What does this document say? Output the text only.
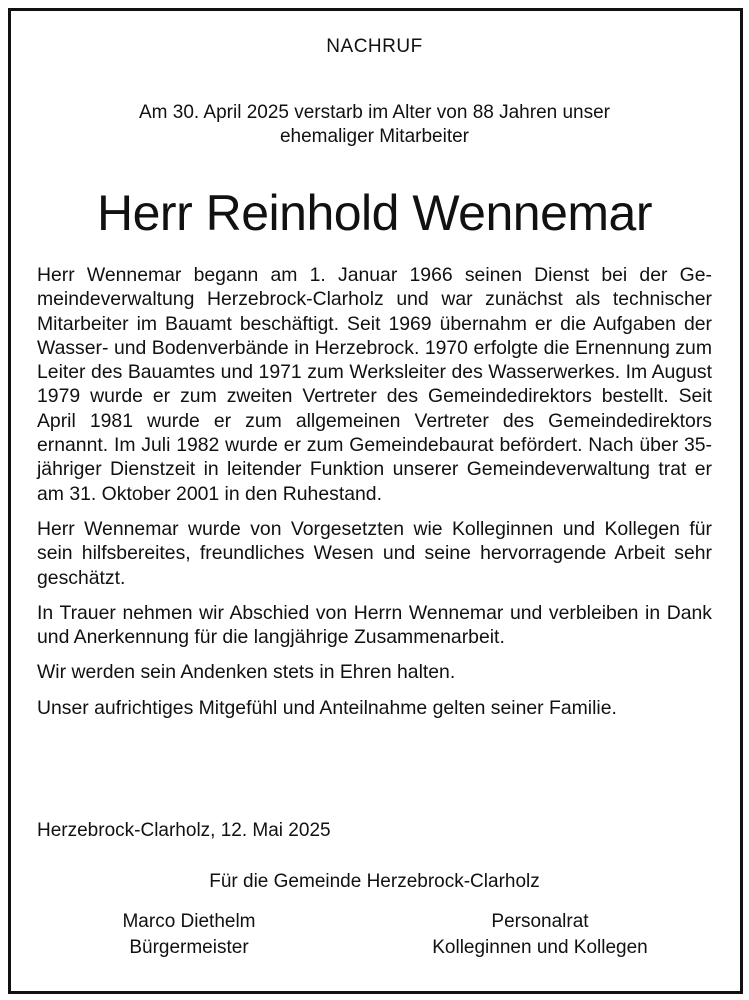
NACHRUF
Am 30. April 2025 verstarb im Alter von 88 Jahren unser
ehemaliger Mitarbeiter
Herr Reinhold Wennemar

Herr Wennemar begann am 1. Januar 1966 seinen Dienst bei der Gemeindeverwaltung Herzebrock-Clarholz und war zunächst als technischer Mitarbeiter im Bauamt beschäftigt. Seit 1969 übernahm er die Aufgaben der Wasser- und Bodenverbände in Herzebrock. 1970 erfolgte die Ernennung zum Leiter des Bauamtes und 1971 zum Werksleiter des Wasserwerkes. Im August 1979 wurde er zum zweiten Vertreter des Gemeindedirektors bestellt. Seit April 1981 wurde er zum allgemeinen Vertreter des Gemeindedirektors ernannt. Im Juli 1982 wurde er zum Gemeindebaurat befördert. Nach über 35-jähriger Dienstzeit in leitender Funktion unserer Gemeindeverwaltung trat er am 31. Oktober 2001 in den Ruhestand.

Herr Wennemar wurde von Vorgesetzten wie Kolleginnen und Kollegen für sein hilfsbereites, freundliches Wesen und seine hervorragende Arbeit sehr geschätzt.

In Trauer nehmen wir Abschied von Herrn Wennemar und verbleiben in Dank und Anerkennung für die langjährige Zusammenarbeit.

Wir werden sein Andenken stets in Ehren halten.

Unser aufrichtiges Mitgefühl und Anteilnahme gelten seiner Familie.

Herzebrock-Clarholz, 12. Mai 2025
Für die Gemeinde Herzebrock-Clarholz
Marco Diethelm
Bürgermeister
Personalrat
Kolleginnen und Kollegen
